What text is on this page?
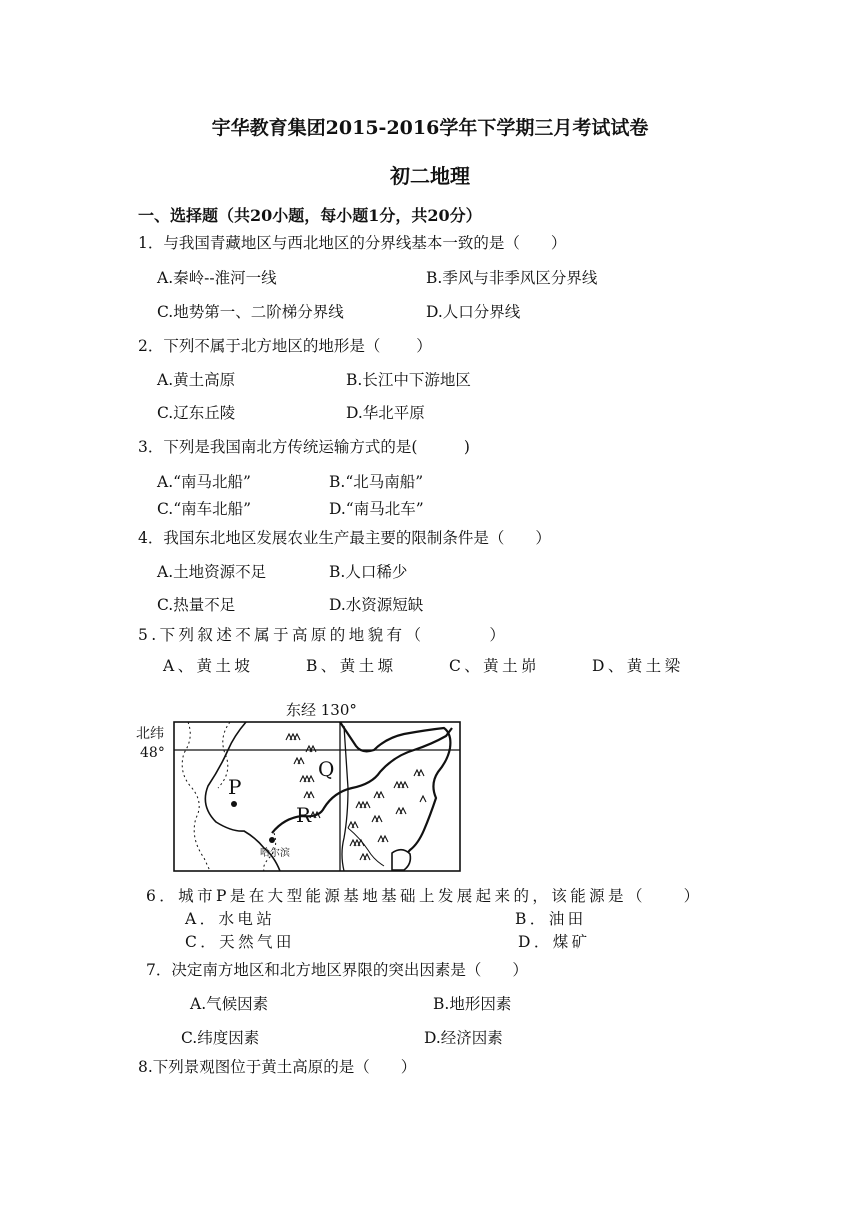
宇华教育集团2015-2016学年下学期三月考试试卷
初二地理
一、选择题（共20小题，每小题1分，共20分）
1．与我国青藏地区与西北地区的分界线基本一致的是（　　）
A.秦岭--淮河一线	B.季风与非季风区分界线
C.地势第一、二阶梯分界线	D.人口分界线
2．下列不属于北方地区的地形是（　　 ）
A.黄土高原	B.长江中下游地区
C.辽东丘陵	D.华北平原
3．下列是我国南北方传统运输方式的是(　　　)
A.“南马北船”	B.“北马南船”
C.“南车北船”	D.“南马北车”
4．我国东北地区发展农业生产最主要的限制条件是（　　）
A.土地资源不足	B.人口稀少
C.热量不足	D.水资源短缺
5.下列叙述不属于高原的地貌有（　　　 ）
A、黄土坡	B、黄土塬	C、黄土峁	D、黄土梁
东经 130°
北纬
48°
P
Q
R
哈尔滨
6．城市P是在大型能源基地基础上发展起来的，该能源是（　　）
A．水电站	B．油田
C．天然气田	D．煤矿
7．决定南方地区和北方地区界限的突出因素是（　　）
A.气候因素	B.地形因素
C.纬度因素	D.经济因素
8.下列景观图位于黄土高原的是（　　）
